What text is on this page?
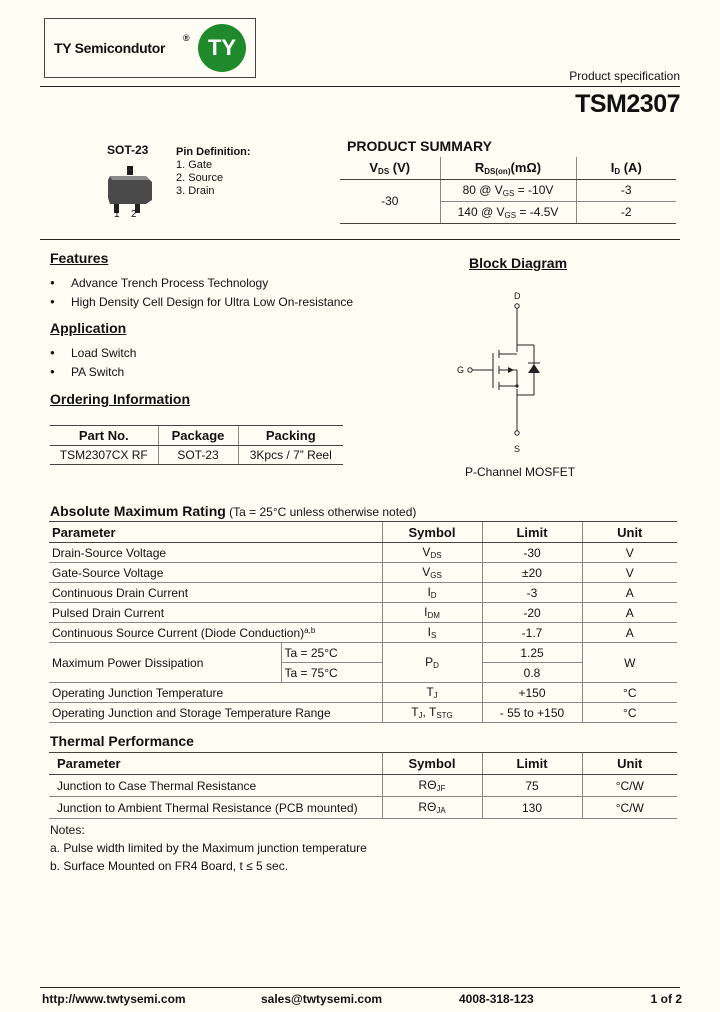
TY Semicondutor
® TY
Product specification
TSM2307
SOT-23
3
1 2
Pin Definition:
1. Gate
2. Source
3. Drain
PRODUCT SUMMARY
$V_{DS}$ (V)	$R_{DS(on)}(m\Omega)$	$I_D$ (A)
-30	80 @ $V_{GS} = -10V$	-3
	140 @ $V_{GS} = -4.5V$	-2
Features
● Advance Trench Process Technology
● High Density Cell Design for Ultra Low On-resistance
Application
● Load Switch
● PA Switch
Ordering Information
Part No.	Package	Packing
TSM2307CX RF	SOT-23	3Kpcs / 7” Reel
Block Diagram
D
G
S
P-Channel MOSFET
Absolute Maximum Rating (Ta = 25°C unless otherwise noted)
Parameter		Symbol	Limit	Unit
Drain-Source Voltage		$V_{DS}$	-30	V
Gate-Source Voltage		$V_{GS}$	±20	V
Continuous Drain Current		$I_D$	-3	A
Pulsed Drain Current		$I_{DM}$	-20	A
Continuous Source Current (Diode Conduction)$^{a,b}$		$I_S$	-1.7	A
Maximum Power Dissipation	Ta = 25°C	$P_D$	1.25	W
	Ta = 75°C		0.8	
Operating Junction Temperature		$T_J$	+150	°C
Operating Junction and Storage Temperature Range		$T_J$, $T_{STG}$	- 55 to +150	°C
Thermal Performance
Parameter	Symbol	Limit	Unit
Junction to Case Thermal Resistance	$R\Theta_{JF}$	75	°C/W
Junction to Ambient Thermal Resistance (PCB mounted)	$R\Theta_{JA}$	130	°C/W
Notes:
a. Pulse width limited by the Maximum junction temperature
b. Surface Mounted on FR4 Board, t ≤ 5 sec.
http://www.twtysemi.com	sales@twtysemi.com	4008-318-123	1 of 2
